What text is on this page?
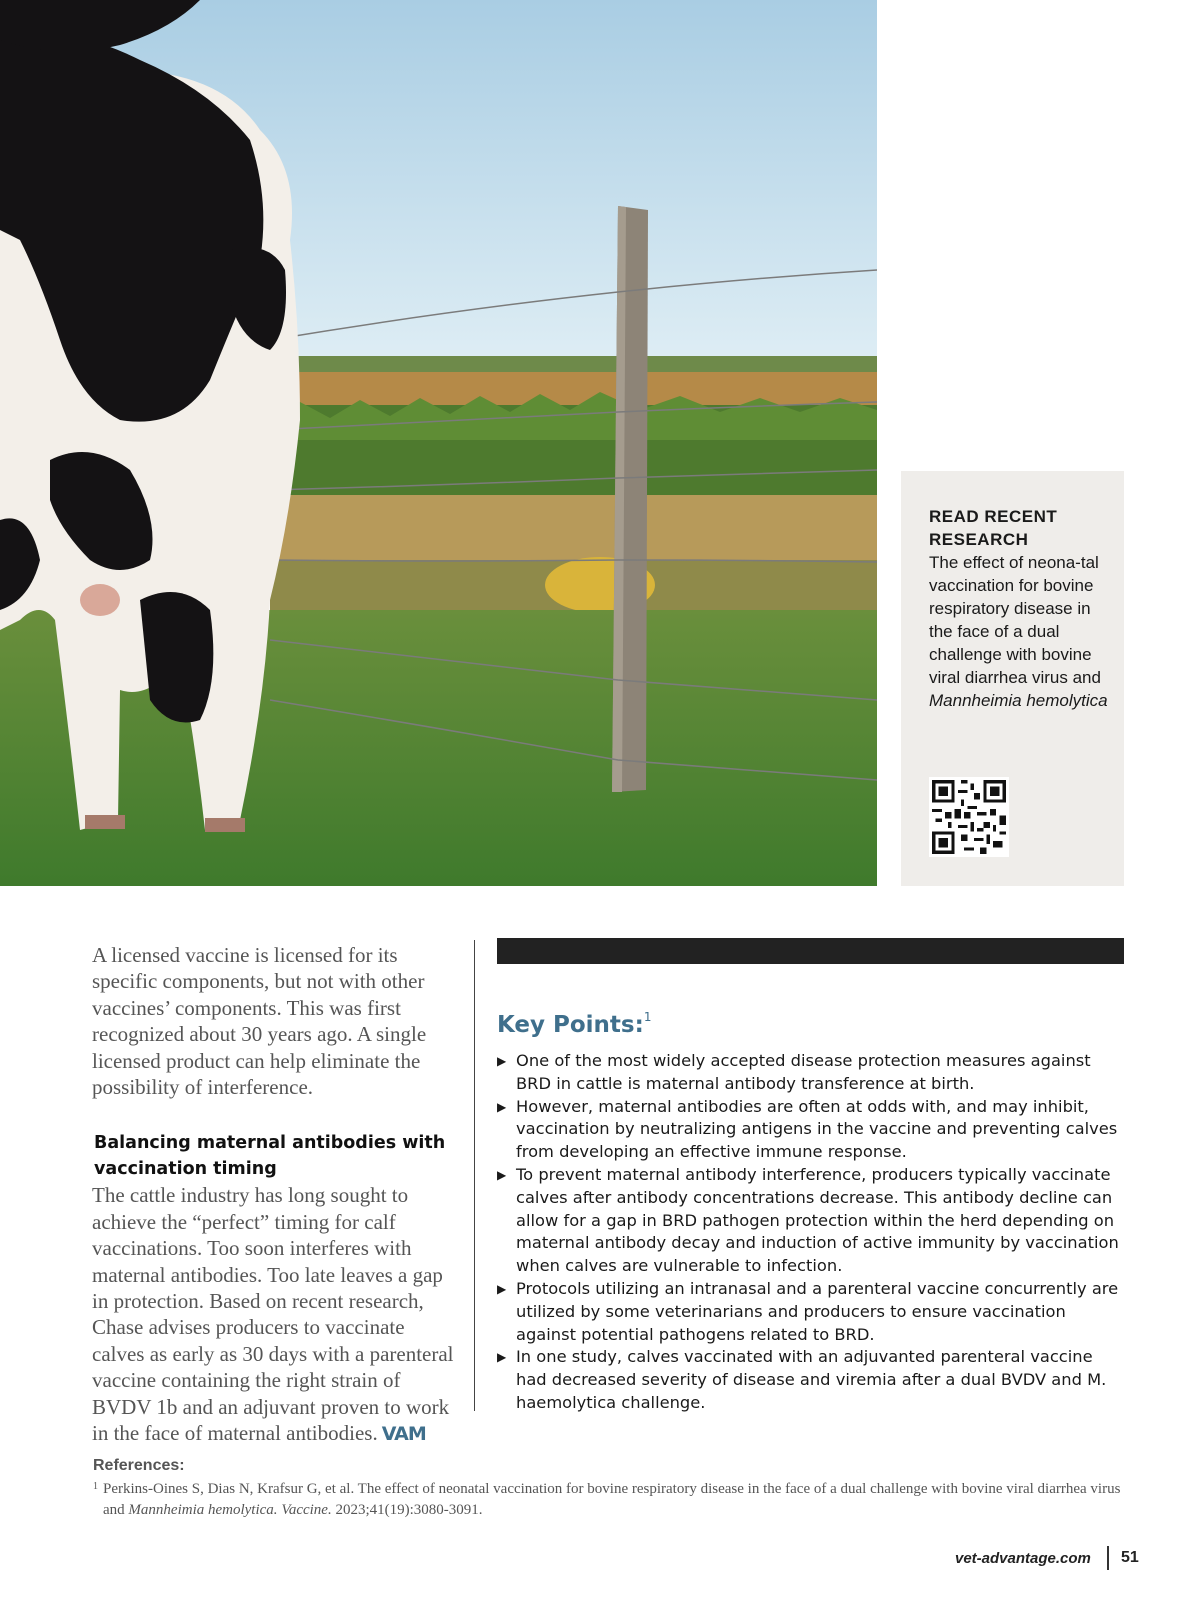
READ RECENT RESEARCH
The effect of neona-tal vaccination for bovine respiratory disease in the face of a dual challenge with bovine viral diarrhea virus and Mannheimia hemolytica

A licensed vaccine is licensed for its specific components, but not with other vaccines’ components. This was first recognized about 30 years ago. A single licensed product can help eliminate the possibility of interference.

Balancing maternal antibodies with vaccination timing

The cattle industry has long sought to achieve the “perfect” timing for calf vaccinations. Too soon interferes with maternal antibodies. Too late leaves a gap in protection. Based on recent research, Chase advises producers to vaccinate calves as early as 30 days with a parenteral vaccine containing the right strain of BVDV 1b and an adjuvant proven to work in the face of maternal antibodies. VAM

Key Points:$^1$
▶ One of the most widely accepted disease protection measures against BRD in cattle is maternal antibody transference at birth.
▶ However, maternal antibodies are often at odds with, and may inhibit, vaccination by neutralizing antigens in the vaccine and preventing calves from developing an effective immune response.
▶ To prevent maternal antibody interference, producers typically vaccinate calves after antibody concentrations decrease. This antibody decline can allow for a gap in BRD pathogen protection within the herd depending on maternal antibody decay and induction of active immunity by vaccination when calves are vulnerable to infection.
▶ Protocols utilizing an intranasal and a parenteral vaccine concurrently are utilized by some veterinarians and producers to ensure vaccination against potential pathogens related to BRD.
▶ In one study, calves vaccinated with an adjuvanted parenteral vaccine had decreased severity of disease and viremia after a dual BVDV and M. haemolytica challenge.
References:
1 Perkins-Oines S, Dias N, Krafsur G, et al. The effect of neonatal vaccination for bovine respiratory disease in the face of a dual challenge with bovine viral diarrhea virus and Mannheimia hemolytica. Vaccine. 2023;41(19):3080-3091.
vet-advantage.com 51
